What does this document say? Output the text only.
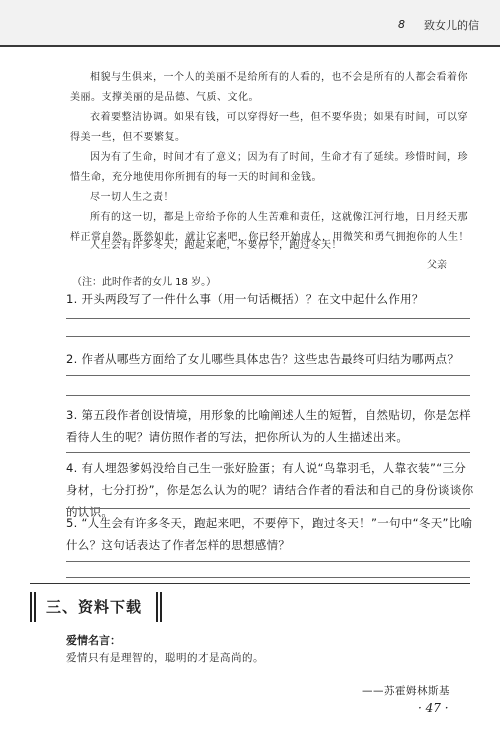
8 致女儿的信
相貌与生俱来，一个人的美丽不是给所有的人看的，也不会是所有的人都会看着你美丽。支撑美丽的是品德、气质、文化。
衣着要整洁协调。如果有钱，可以穿得好一些，但不要华贵；如果有时间，可以穿得美一些，但不要繁复。
因为有了生命，时间才有了意义；因为有了时间，生命才有了延续。珍惜时间，珍惜生命，充分地使用你所拥有的每一天的时间和金钱。
尽一切人生之责！
所有的这一切，都是上帝给予你的人生苦难和责任，这就像江河行地，日月经天那样正常自然。既然如此，就让它来吧，你已经开始成人，用微笑和勇气拥抱你的人生！
人生会有许多冬天，跑起来吧，不要停下，跑过冬天！
父亲
（注：此时作者的女儿 18 岁。）
1. 开头两段写了一件什么事（用一句话概括）？在文中起什么作用？
2. 作者从哪些方面给了女儿哪些具体忠告？这些忠告最终可归结为哪两点？
3. 第五段作者创设情境，用形象的比喻阐述人生的短暂，自然贴切，你是怎样看待人生的呢？请仿照作者的写法，把你所认为的人生描述出来。
4. 有人埋怨爹妈没给自己生一张好脸蛋；有人说“鸟靠羽毛，人靠衣装”“三分身材，七分打扮”，你是怎么认为的呢？请结合作者的看法和自己的身份谈谈你的认识。
5. “人生会有许多冬天，跑起来吧，不要停下，跑过冬天！”一句中“冬天”比喻什么？这句话表达了作者怎样的思想感情？
三、资料下载
爱情名言：
爱情只有是理智的，聪明的才是高尚的。
——苏霍姆林斯基
· 47 ·
